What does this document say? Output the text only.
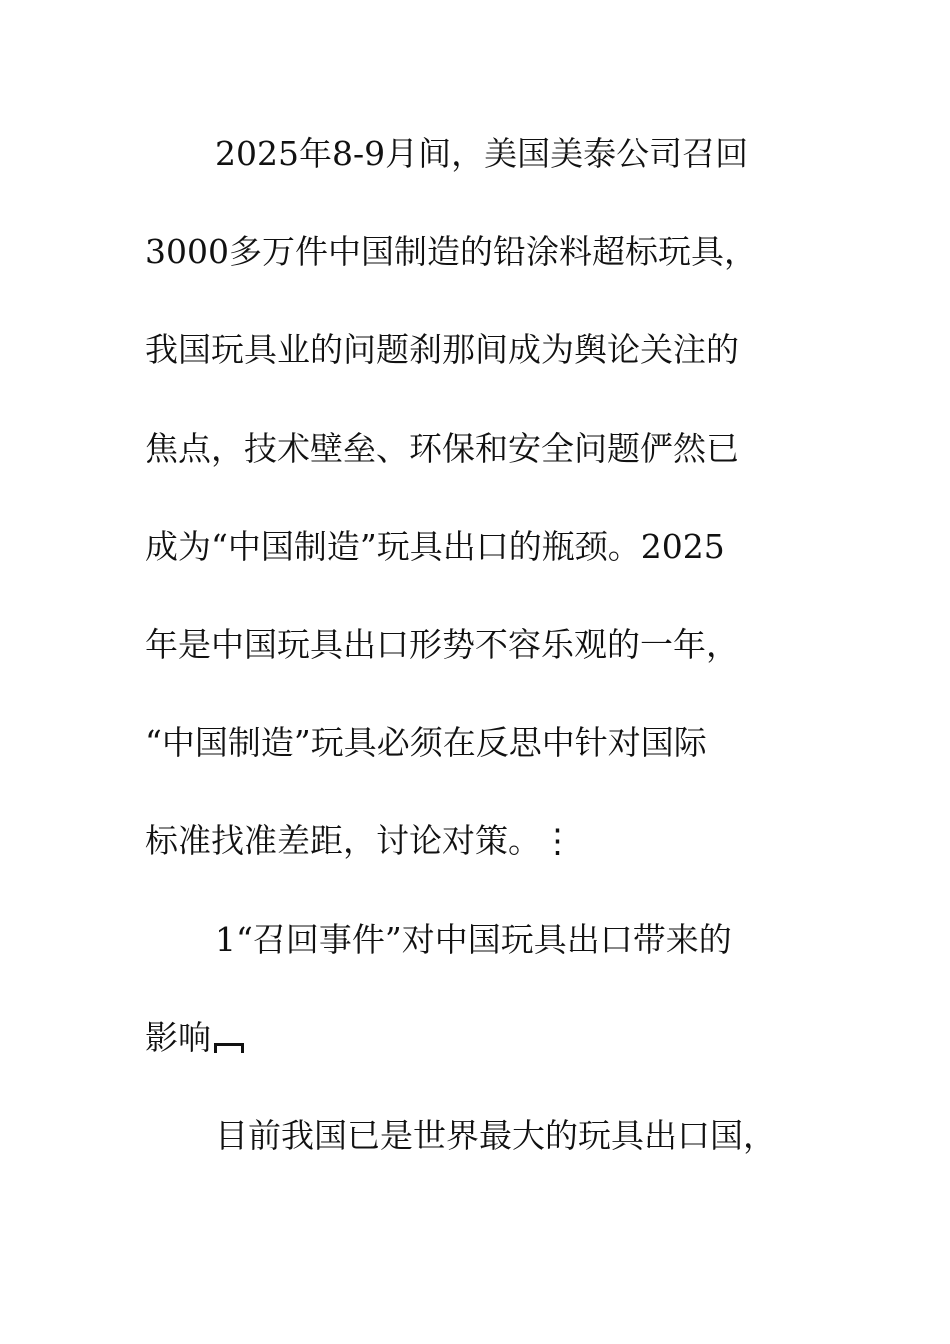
2025年8-9月间，美国美泰公司召回
3000多万件中国制造的铅涂料超标玩具，
我国玩具业的问题刹那间成为舆论关注的
焦点，技术壁垒、环保和安全问题俨然已
成为“中国制造”玩具出口的瓶颈。2025
年是中国玩具出口形势不容乐观的一年，
“中国制造”玩具必须在反思中针对国际
标准找准差距，讨论对策。⋮
1“召回事件”对中国玩具出口带来的
影响
目前我国已是世界最大的玩具出口国，
